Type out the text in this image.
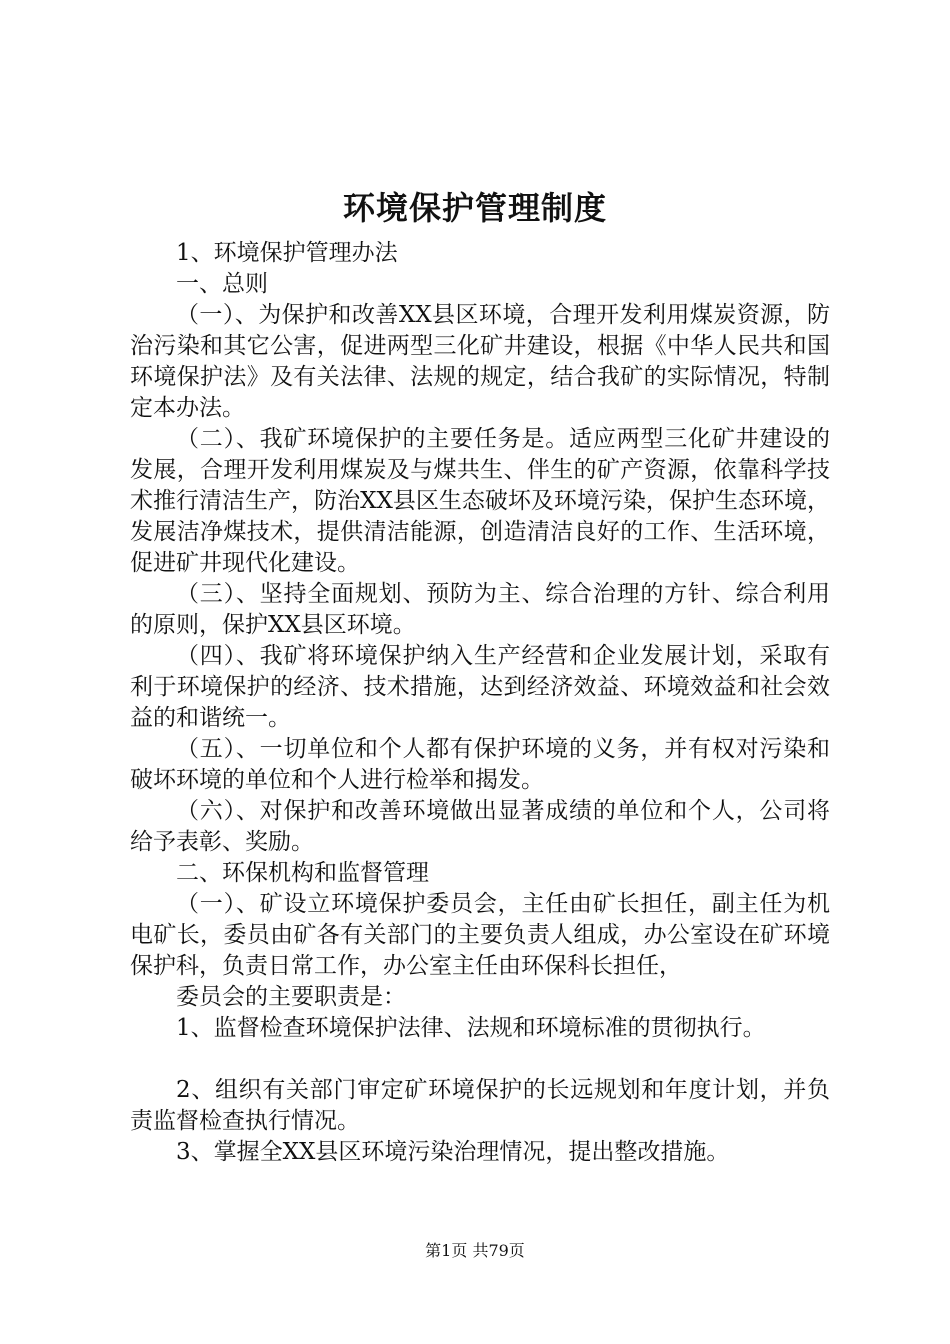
环境保护管理制度

1、环境保护管理办法

一、总则

（一）、为保护和改善XX县区环境，合理开发利用煤炭资源，防治污染和其它公害，促进两型三化矿井建设，根据《中华人民共和国环境保护法》及有关法律、法规的规定，结合我矿的实际情况，特制定本办法。

（二）、我矿环境保护的主要任务是。适应两型三化矿井建设的发展，合理开发利用煤炭及与煤共生、伴生的矿产资源，依靠科学技术推行清洁生产，防治XX县区生态破坏及环境污染，保护生态环境，发展洁净煤技术，提供清洁能源，创造清洁良好的工作、生活环境，促进矿井现代化建设。

（三）、坚持全面规划、预防为主、综合治理的方针、综合利用的原则，保护XX县区环境。

（四）、我矿将环境保护纳入生产经营和企业发展计划，采取有利于环境保护的经济、技术措施，达到经济效益、环境效益和社会效益的和谐统一。

（五）、一切单位和个人都有保护环境的义务，并有权对污染和破坏环境的单位和个人进行检举和揭发。

（六）、对保护和改善环境做出显著成绩的单位和个人，公司将给予表彰、奖励。

二、环保机构和监督管理

（一）、矿设立环境保护委员会，主任由矿长担任，副主任为机电矿长，委员由矿各有关部门的主要负责人组成，办公室设在矿环境保护科，负责日常工作，办公室主任由环保科长担任，

委员会的主要职责是：

1、监督检查环境保护法律、法规和环境标准的贯彻执行。

2、组织有关部门审定矿环境保护的长远规划和年度计划，并负责监督检查执行情况。

3、掌握全XX县区环境污染治理情况，提出整改措施。

第1页 共79页
